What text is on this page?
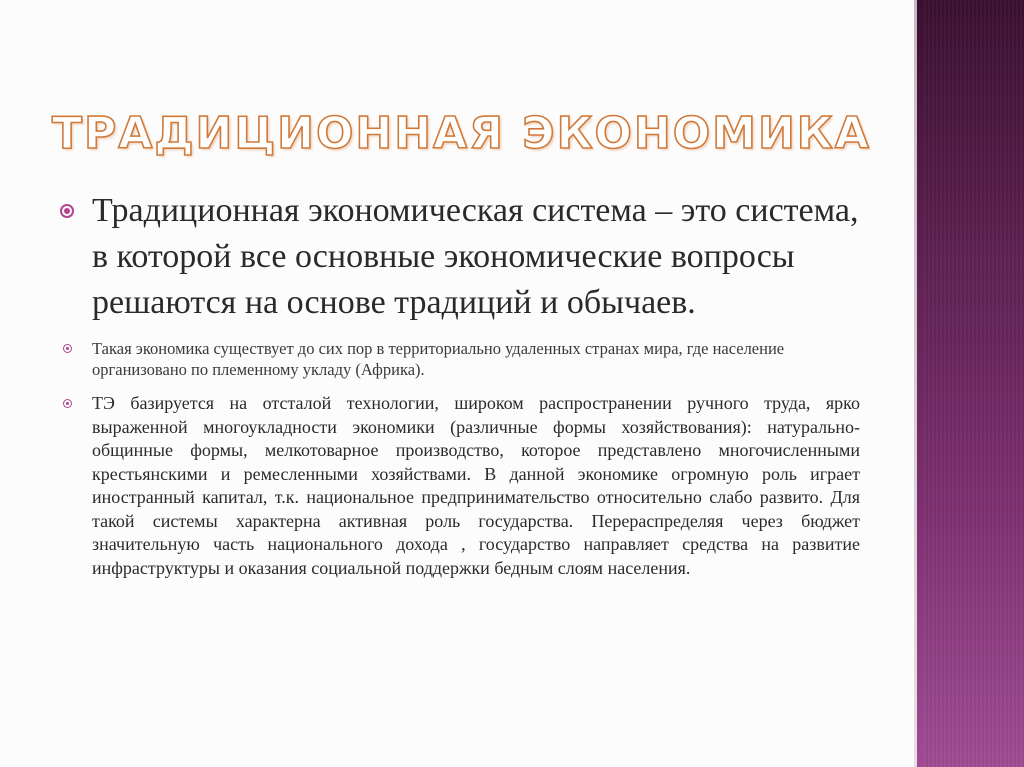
ТРАДИЦИОННАЯ ЭКОНОМИКА
Традиционная экономическая система – это система, в которой все основные экономические вопросы решаются на основе традиций и обычаев.
Такая экономика существует до сих пор в территориально удаленных странах мира, где население организовано по племенному укладу (Африка).
ТЭ базируется на отсталой технологии, широком распространении ручного труда, ярко выраженной многоукладности экономики (различные формы хозяйствования): натурально-общинные формы, мелкотоварное производство, которое представлено многочисленными крестьянскими и ремесленными хозяйствами. В данной экономике огромную роль играет иностранный капитал, т.к. национальное предпринимательство относительно слабо развито. Для такой системы характерна активная роль государства. Перераспределяя через бюджет значительную часть национального дохода , государство направляет средства на развитие инфраструктуры и оказания социальной поддержки бедным слоям населения.
